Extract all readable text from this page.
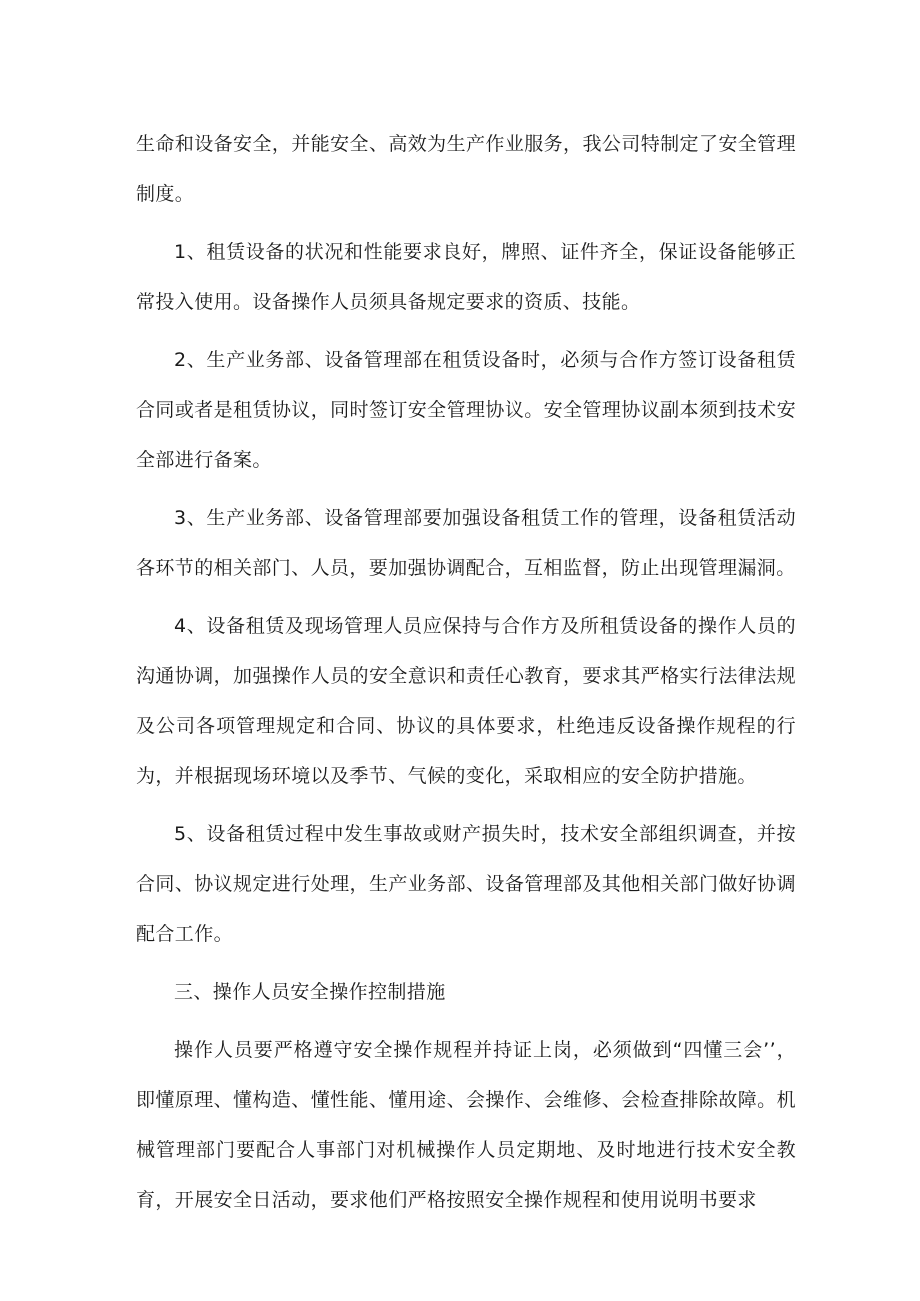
生命和设备安全，并能安全、高效为生产作业服务，我公司特制定了安全管理制度。

1、租赁设备的状况和性能要求良好，牌照、证件齐全，保证设备能够正常投入使用。设备操作人员须具备规定要求的资质、技能。

2、生产业务部、设备管理部在租赁设备时，必须与合作方签订设备租赁合同或者是租赁协议，同时签订安全管理协议。安全管理协议副本须到技术安全部进行备案。

3、生产业务部、设备管理部要加强设备租赁工作的管理，设备租赁活动各环节的相关部门、人员，要加强协调配合，互相监督，防止出现管理漏洞。

4、设备租赁及现场管理人员应保持与合作方及所租赁设备的操作人员的沟通协调，加强操作人员的安全意识和责任心教育，要求其严格实行法律法规及公司各项管理规定和合同、协议的具体要求，杜绝违反设备操作规程的行为，并根据现场环境以及季节、气候的变化，采取相应的安全防护措施。

5、设备租赁过程中发生事故或财产损失时，技术安全部组织调查，并按合同、协议规定进行处理，生产业务部、设备管理部及其他相关部门做好协调配合工作。

三、操作人员安全操作控制措施

操作人员要严格遵守安全操作规程并持证上岗，必须做到“四懂三会’’，即懂原理、懂构造、懂性能、懂用途、会操作、会维修、会检查排除故障。机械管理部门要配合人事部门对机械操作人员定期地、及时地进行技术安全教育，开展安全日活动，要求他们严格按照安全操作规程和使用说明书要求
